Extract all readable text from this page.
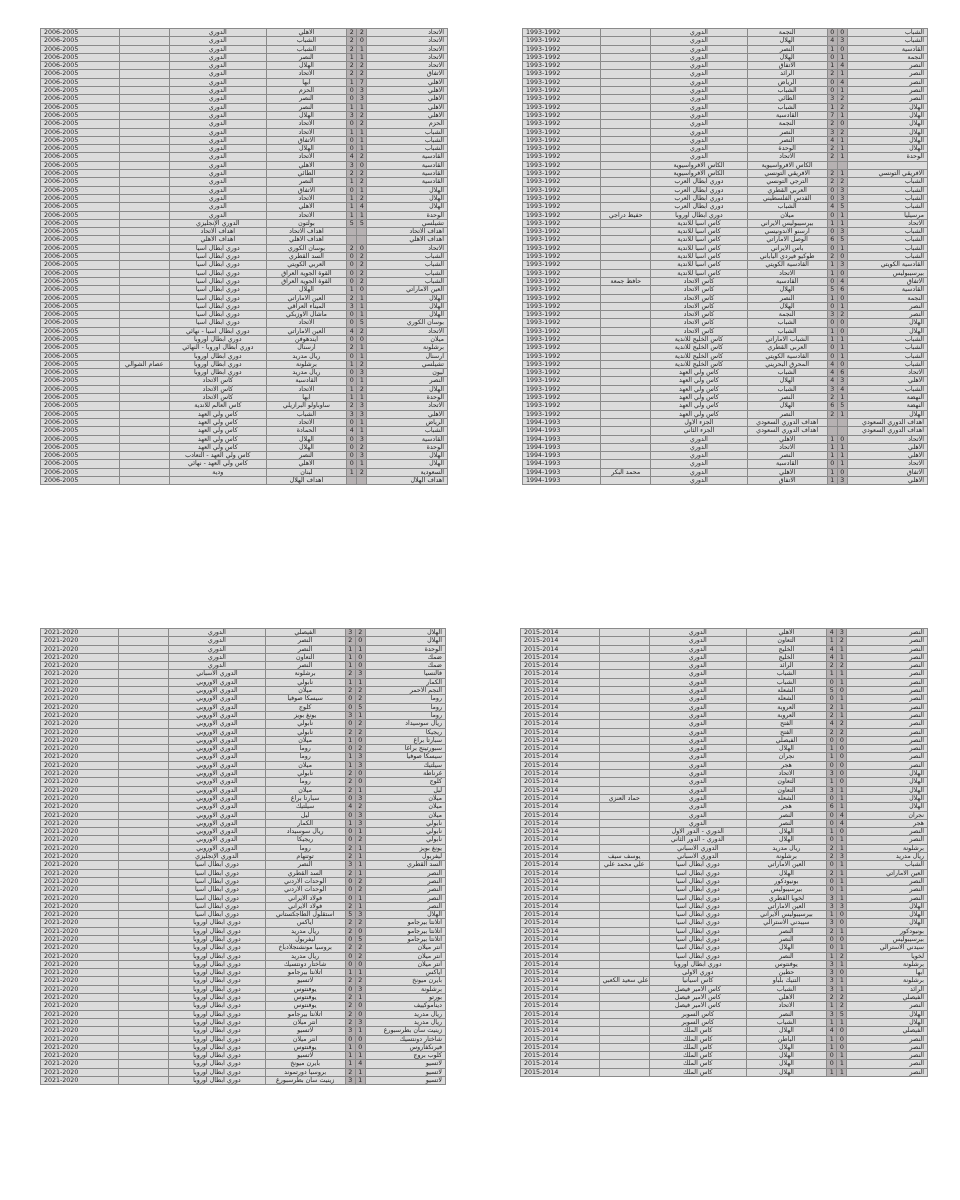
2006-2005		الدوري	الأهلي	2	2	الاتحاد
2006-2005		الدوري	الشباب	2	0	الاتحاد
2006-2005		الدوري	الشباب	2	1	الاتحاد
2006-2005		الدوري	النصر	1	1	الاتحاد
2006-2005		الدوري	الهلال	2	2	الاتحاد
2006-2005		الدوري	الاتحاد	2	2	الاتفاق
2006-2005		الدوري	ابها	1	7	الأهلي
2006-2005		الدوري	الحزم	0	3	الأهلي
2006-2005		الدوري	النصر	0	3	الأهلي
2006-2005		الدوري	النصر	1	1	الأهلي
2006-2005		الدوري	الهلال	3	2	الأهلي
2006-2005		الدوري	الاتحاد	0	2	الحزم
2006-2005		الدوري	الاتحاد	1	1	الشباب
2006-2005		الدوري	الاتفاق	0	1	الشباب
2006-2005		الدوري	الهلال	0	1	الشباب
2006-2005		الدوري	الاتحاد	4	2	القادسية
2006-2005		الدوري	الأهلي	3	0	القادسية
2006-2005		الدوري	الطائي	2	2	القادسية
2006-2005		الدوري	النصر	1	2	القادسية
2006-2005		الدوري	الاتفاق	0	1	الهلال
2006-2005		الدوري	الاتحاد	1	2	الهلال
2006-2005		الدوري	الأهلي	1	4	الهلال
2006-2005		الدوري	الاتحاد	1	1	الوحدة
2006-2005		الدوري الإنجليزي	بولتون	5	5	تشيلسي
2006-2005		اهداف الاتحاد	اهداف الاتحاد			اهداف الاتحاد
2006-2005		اهداف الأهلي	اهداف الأهلي			اهداف الأهلي
2006-2005		دوري ابطال اسيا	بوسان الكوري	2	0	الاتحاد
2006-2005		دوري ابطال اسيا	السد القطري	0	2	الشباب
2006-2005		دوري ابطال اسيا	العربي الكويتي	0	2	الشباب
2006-2005		دوري ابطال اسيا	القوة الجوية العراق	0	2	الشباب
2006-2005		دوري ابطال اسيا	القوة الجوية العراق	0	2	الشباب
2006-2005		دوري ابطال اسيا	الهلال	1	0	العين الاماراتي
2006-2005		دوري ابطال اسيا	العين الاماراتي	2	1	الهلال
2006-2005		دوري ابطال اسيا	الميناء العراقي	3	1	الهلال
2006-2005		دوري ابطال اسيا	ماشال الاوزبكي	0	1	الهلال
2006-2005		دوري ابطال اسيا	الاتحاد	0	5	بوسان الكوري
2006-2005		دوري ابطال اسيا - نهائي	العين الاماراتي	4	2	الاتحاد
2006-2005		دوري ابطال اوروبا	ايندهوفن	0	0	ميلان
2006-2005		دوري ابطال اوروبا - النهائي	ارسنال	2	1	برشلونة
2006-2005		دوري ابطال اوروبا	ريال مدريد	0	1	ارسنال
2006-2005	عصام الشوالي	دوري ابطال اوروبا	برشلونة	1	2	تشيلسي
2006-2005		دوري ابطال اوروبا	ريال مدريد	0	3	ليون
2006-2005		كاس الاتحاد	القادسية	0	1	النصر
2006-2005		كاس الاتحاد	الاتحاد	1	2	الهلال
2006-2005		كاس الاتحاد	ابها	1	1	الوحدة
2006-2005		كاس العالم للاندية	ساوباولو البرازيلي	2	3	الاتحاد
2006-2005		كاس ولي العهد	الشباب	3	3	الأهلي
2006-2005		كاس ولي العهد	الاتحاد	0	1	الرياض
2006-2005		كاس ولي العهد	الحمادة	4	1	الشباب
2006-2005		كاس ولي العهد	الهلال	0	3	القادسية
2006-2005		كاس ولي العهد	الهلال	0	2	الوحدة
2006-2005		كاس ولي العهد - التعادب	النصر	0	3	الهلال
2006-2005		كاس ولي العهد - نهائي	الأهلي	0	1	الهلال
2006-2005		ودية	لبنان	1	2	السعودية
2006-2005			اهداف الهلال			اهداف الهلال
1993-1992		الدوري	النجمة	0	0	الشباب
1993-1992		الدوري	الهلال	4	3	الشباب
1993-1992		الدوري	النصر	1	0	القادسية
1993-1992		الدوري	الهلال	0	1	النجمة
1993-1992		الدوري	الاتفاق	1	4	النصر
1993-1992		الدوري	الرائد	2	1	النصر
1993-1992		الدوري	الرياض	0	4	النصر
1993-1992		الدوري	الشباب	0	1	النصر
1993-1992		الدوري	الطائي	3	2	النصر
1993-1992		الدوري	الشباب	1	2	الهلال
1993-1992		الدوري	القادسية	7	1	الهلال
1993-1992		الدوري	النجمة	2	0	الهلال
1993-1992		الدوري	النصر	3	2	الهلال
1993-1992		الدوري	النصر	4	1	الهلال
1993-1992		الدوري	الوحدة	2	1	الهلال
1993-1992		الدوري	الاتحاد	2	1	الوحدة
1993-1992		الكاس الافروآسيوية	الكاس الافروآسيوية			
1993-1992		الكاس الافروآسيوية	الافريقي التونسي	2	1	الافريقي التونسي
1993-1992		دوري ابطال العرب	الترجي التونسي	2	2	الشباب
1993-1992		دوري ابطال العرب	العربي القطري	0	3	الشباب
1993-1992		دوري ابطال العرب	القدس الفلسطيني	0	3	الشباب
1993-1992		دوري ابطال العرب	الشباب	4	5	الشباب
1993-1992	حفيظ دراجي	دوري ابطال اوروبا	ميلان	0	1	مرسيليا
1993-1992		كاس اسيا للاندية	بيرسيبوليس الايراني	1	1	الاتحاد
1993-1992		كاس اسيا للاندية	ارسنو الاندونيسي	0	3	الشباب
1993-1992		كاس اسيا للاندية	الوصل الاماراتي	6	5	الشباب
1993-1992		كاس اسيا للاندية	باس الايراني	0	1	الشباب
1993-1992		كاس اسيا للاندية	طوكيو فيردي الياباني	2	0	الشباب
1993-1992		كاس اسيا للاندية	القادسية الكويتي	1	3	القادسية الكويتي
1993-1992		كاس اسيا للاندية	الاتحاد	1	0	بيرسيبوليس
1993-1992	حافظ جمعة	كاس الاتحاد	القادسية	0	4	الاتفاق
1993-1992		كاس الاتحاد	الهلال	5	6	القادسية
1993-1992		كاس الاتحاد	النصر	1	0	النجمة
1993-1992		كاس الاتحاد	الهلال	0	1	النصر
1993-1992		كاس الاتحاد	النجمة	3	2	النصر
1993-1992		كاس الاتحاد	الشباب	0	0	الهلال
1993-1992		كاس الاتحاد	الشباب	1	0	الهلال
1993-1992		كاس الخليج للاندية	الشباب الاماراتي	1	1	الشباب
1993-1992		كاس الخليج للاندية	العربي القطري	0	1	الشباب
1993-1992		كاس الخليج للاندية	القادسية الكويتي	0	1	الشباب
1993-1992		كاس الخليج للاندية	المحرق البحريني	4	0	الشباب
1993-1992		كاس ولي العهد	الشباب	4	6	الاتحاد
1993-1992		كاس ولي العهد	الهلال	4	3	الأهلي
1993-1992		كاس ولي العهد	الشباب	3	4	الشباب
1993-1992		كاس ولي العهد	النصر	2	1	النهضة
1993-1992		كاس ولي العهد	الهلال	6	5	النهضة
1993-1992		كاس ولي العهد	النصر	2	1	الهلال
1994-1993		الجزء الاول	اهداف الدوري السعودي			اهداف الدوري السعودي
1994-1993		الجزء الثاني	اهداف الدوري السعودي			اهداف الدوري السعودي
1994-1993		الدوري	الأهلي	1	0	الاتحاد
1994-1993		الدوري	الاتحاد	1	1	الأهلي
1994-1993		الدوري	النصر	1	1	الأهلي
1994-1993		الدوري	القادسية	0	1	الاتحاد
1994-1993	محمد البكر	الدوري	الأهلي	1	0	الاتفاق
1994-1993		الدوري	الاتفاق	1	3	الأهلي
2021-2020		الدوري	الفيصلي	3	2	الهلال
2021-2020		الدوري	النصر	2	0	الهلال
2021-2020		الدوري	النصر	1	1	الوحدة
2021-2020		الدوري	التعاون	1	0	ضمك
2021-2020		الدوري	النصر	1	0	ضمك
2021-2020		الدوري الاسباني	برشلونة	2	3	فالنسيا
2021-2020		الدوري الاوروبي	نابولي	1	1	الكمار
2021-2020		الدوري الاوروبي	ميلان	2	2	النجم الاحمر
2021-2020		الدوري الاوروبي	سيسكا صوفيا	0	2	روما
2021-2020		الدوري الاوروبي	كلوج	0	5	روما
2021-2020		الدوري الاوروبي	يونغ بويز	3	1	روما
2021-2020		الدوري الاوروبي	نابولي	0	2	ريال سوسيداد
2021-2020		الدوري الاوروبي	نابولي	2	2	ريجيكا
2021-2020		الدوري الاوروبي	ميلان	1	0	سبارتا براغ
2021-2020		الدوري الاوروبي	روما	0	2	سبورتينج براغا
2021-2020		الدوري الاوروبي	روما	1	3	سيسكا صوفيا
2021-2020		الدوري الاوروبي	ميلان	1	3	سيلتيك
2021-2020		الدوري الاوروبي	نابولي	2	0	غرناطة
2021-2020		الدوري الاوروبي	روما	2	0	كلوج
2021-2020		الدوري الاوروبي	ميلان	2	1	ليل
2021-2020		الدوري الاوروبي	سبارتا براغ	0	3	ميلان
2021-2020		الدوري الاوروبي	سيلتيك	4	2	ميلان
2021-2020		الدوري الاوروبي	ليل	0	3	ميلان
2021-2020		الدوري الاوروبي	الكمار	1	3	نابولي
2021-2020		الدوري الاوروبي	ريال سوسيداد	0	1	نابولي
2021-2020		الدوري الاوروبي	ريجيكا	0	2	نابولي
2021-2020		الدوري الاوروبي	روما	2	1	يونغ بويز
2021-2020		الدوري الإنجليزي	توتنهام	2	1	ليفربول
2021-2020		دوري ابطال اسيا	النصر	3	1	السد القطري
2021-2020		دوري ابطال اسيا	السد القطري	2	1	النصر
2021-2020		دوري ابطال اسيا	الوحدات الاردني	0	2	النصر
2021-2020		دوري ابطال اسيا	الوحدات الاردني	0	2	النصر
2021-2020		دوري ابطال اسيا	فولاد الايراني	0	1	النصر
2021-2020		دوري ابطال اسيا	فولاد الايراني	2	1	النصر
2021-2020		دوري ابطال اسيا	استقلول الطاجكستاني	5	3	الهلال
2021-2020		دوري ابطال اوروبا	اياكس	2	2	اتلانتا بيرجامو
2021-2020		دوري ابطال اوروبا	ريال مدريد	2	0	اتلانتا بيرجامو
2021-2020		دوري ابطال اوروبا	ليفربول	0	5	اتلانتا بيرجامو
2021-2020		دوري ابطال اوروبا	بروسيا مونشنجلادباخ	2	2	انتر ميلان
2021-2020		دوري ابطال اوروبا	ريال مدريد	0	2	انتر ميلان
2021-2020		دوري ابطال اوروبا	شاختار دونتسيك	0	0	انتر ميلان
2021-2020		دوري ابطال اوروبا	اتلانتا بيرجامو	1	1	اياكس
2021-2020		دوري ابطال اوروبا	لاتسيو	2	2	بايرن ميونخ
2021-2020		دوري ابطال اوروبا	يوفنتوس	0	3	برشلونة
2021-2020		دوري ابطال اوروبا	يوفنتوس	2	1	بورتو
2021-2020		دوري ابطال اوروبا	يوفنتوس	2	0	ديناموكييف
2021-2020		دوري ابطال اوروبا	اتلانتا بيرجامو	2	0	ريال مدريد
2021-2020		دوري ابطال اوروبا	انتر ميلان	2	3	ريال مدريد
2021-2020		دوري ابطال اوروبا	لاتسيو	3	1	زينيت سان بطرسبورغ
2021-2020		دوري ابطال اوروبا	انتر ميلان	0	0	شاختار دونتسيك
2021-2020		دوري ابطال اوروبا	يوفنتوس	1	0	فيرنكفاروس
2021-2020		دوري ابطال اوروبا	لاتسيو	1	1	كلوب بروج
2021-2020		دوري ابطال اوروبا	بايرن ميونخ	1	4	لاتسيو
2021-2020		دوري ابطال اوروبا	بروسيا دورتموند	2	1	لاتسيو
2021-2020		دوري ابطال اوروبا	زينيت سان بطرسبورغ	3	1	لاتسيو
2015-2014		الدوري	الأهلي	4	3	النصر
2015-2014		الدوري	التعاون	1	2	النصر
2015-2014		الدوري	الخليج	4	1	النصر
2015-2014		الدوري	الخليج	4	1	النصر
2015-2014		الدوري	الرائد	2	2	النصر
2015-2014		الدوري	الشباب	1	1	النصر
2015-2014		الدوري	الشباب	0	1	النصر
2015-2014		الدوري	الشعلة	5	0	النصر
2015-2014		الدوري	الشعلة	0	1	النصر
2015-2014		الدوري	العروبة	2	1	النصر
2015-2014		الدوري	العروبة	2	1	النصر
2015-2014		الدوري	الفتح	4	2	النصر
2015-2014		الدوري	الفتح	2	2	النصر
2015-2014		الدوري	الفيصلي	0	0	النصر
2015-2014		الدوري	الهلال	1	0	النصر
2015-2014		الدوري	نجران	1	0	النصر
2015-2014		الدوري	هجر	0	0	النصر
2015-2014		الدوري	الاتحاد	3	0	الهلال
2015-2014		الدوري	التعاون	1	0	الهلال
2015-2014		الدوري	التعاون	3	1	الهلال
2015-2014	حماد العنزي	الدوري	الشعلة	0	1	الهلال
2015-2014		الدوري	هجر	6	1	الهلال
2015-2014		الدوري	النصر	0	4	نجران
2015-2014		الدوري	النصر	0	4	هجر
2015-2014		الدوري - الدور الاول	الهلال	1	0	النصر
2015-2014		الدوري - الدور الثاني	الهلال	0	1	النصر
2015-2014		الدوري الاسباني	ريال مدريد	2	1	برشلونة
2015-2014	يوسف سيف	الدوري الاسباني	برشلونة	2	3	ريال مدريد
2015-2014	علي محمد علي	دوري ابطال اسيا	العين الاماراتي	0	1	الشباب
2015-2014		دوري ابطال اسيا	الهلال	2	1	العين الاماراتي
2015-2014		دوري ابطال اسيا	بونيودكور	0	1	النصر
2015-2014		دوري ابطال اسيا	بيرسيبوليس	0	1	النصر
2015-2014		دوري ابطال اسيا	لخويا القطري	3	1	النصر
2015-2014		دوري ابطال اسيا	العين الاماراتي	3	3	الهلال
2015-2014		دوري ابطال اسيا	بيرسيبوليس الايراني	1	0	الهلال
2015-2014		دوري ابطال اسيا	سيبدني الاسترالي	3	0	الهلال
2015-2014		دوري ابطال اسيا	النصر	2	1	بونيودكور
2015-2014		دوري ابطال اسيا	النصر	0	0	بيرسيبوليس
2015-2014		دوري ابطال اسيا	الهلال	0	1	سيدني الاسترالي
2015-2014		دوري ابطال اسيا	النصر	1	2	لخويا
2015-2014		دوري ابطال اوروبا	يوفنتوس	3	1	برشلونة
2015-2014		دوري الاولى	حطين	3	0	ابها
2015-2014	علي سعيد الكعبي	كاس اسيانيا	التنيك بلباو	3	1	برشلونة
2015-2014		كاس الامير فيصل	الشباب	3	1	الرائد
2015-2014		كاس الامير فيصل	الأهلي	2	2	الفيصلي
2015-2014		كاس الامير فيصل	الاتحاد	1	2	النصر
2015-2014		كاس السوبر	النصر	3	5	الهلال
2015-2014		كاس السوبر	الشباب	1	1	الهلال
2015-2014		كاس الملك	الهلال	4	0	الفيصلي
2015-2014		كاس الملك	الباطن	1	0	النصر
2015-2014		كاس الملك	الهلال	1	0	النصر
2015-2014		كاس الملك	الهلال	0	1	النصر
2015-2014		كاس الملك	الهلال	0	1	النصر
2015-2014		كاس الملك	الهلال	1	1	النصر
